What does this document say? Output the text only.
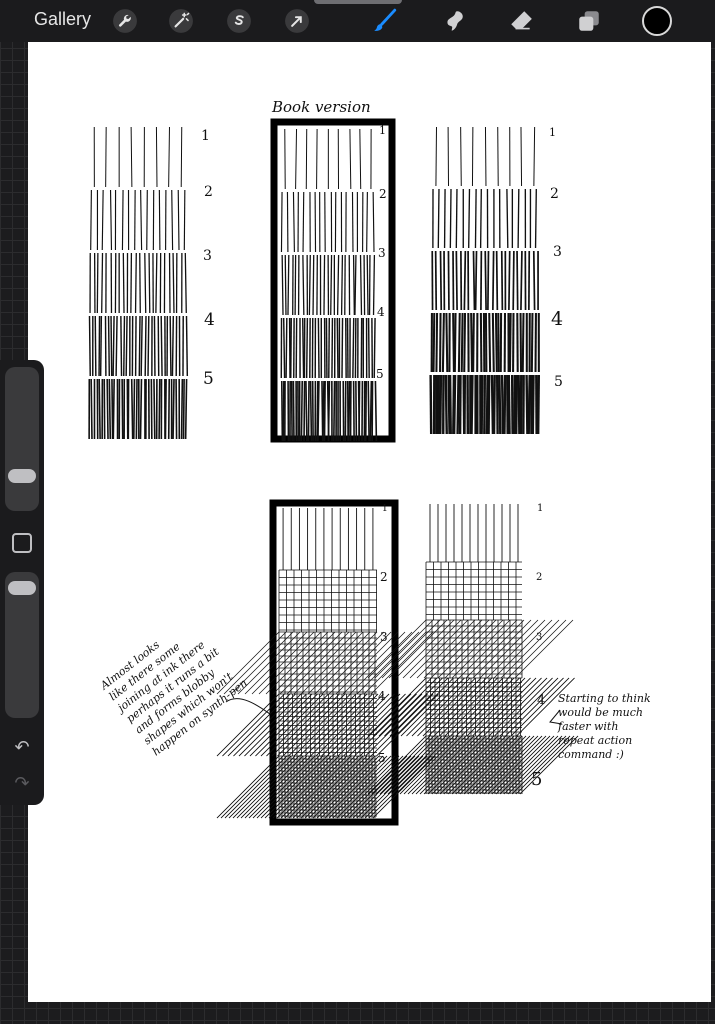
Gallery
Book version
1
2
3
4
5
1
2
3
4
5
1
2
3
4
5
1
2
3
4
5
1
2
3
4
5
Almost looks
like there some
joining at ink there
perhaps it runs a bit
and forms blobby
shapes which won't
happen on synth-pen	Starting to think
would be much
faster with
repeat action
command :)
↶
↷
